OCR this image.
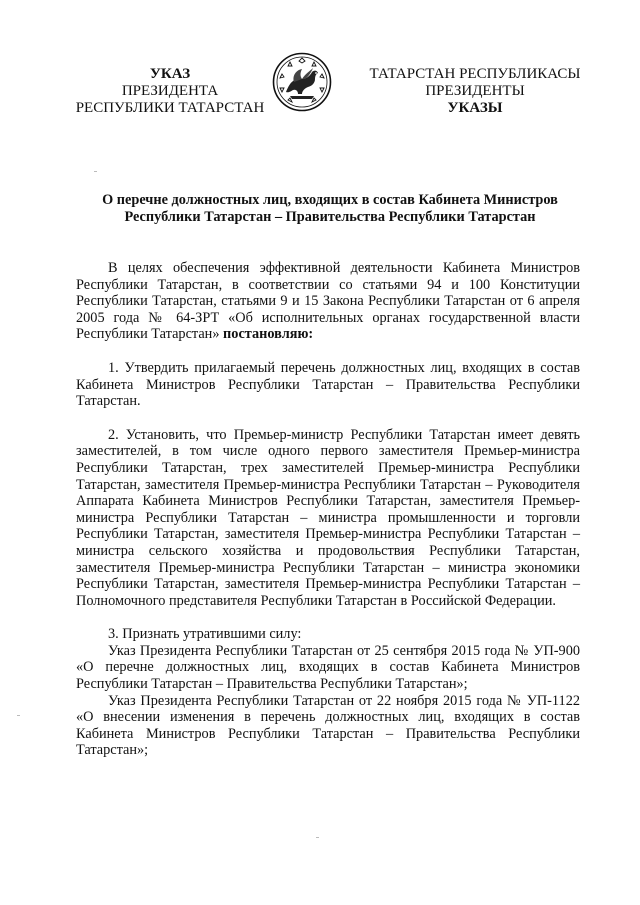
УКАЗ
ПРЕЗИДЕНТА
РЕСПУБЛИКИ ТАТАРСТАН
ТАТАРСТАН РЕСПУБЛИКАСЫ
ПРЕЗИДЕНТЫ
УКАЗЫ
О перечне должностных лиц, входящих в состав Кабинета Министров
Республики Татарстан – Правительства Республики Татарстан

В целях обеспечения эффективной деятельности Кабинета Министров Республики Татарстан, в соответствии со статьями 94 и 100 Конституции Республики Татарстан, статьями 9 и 15 Закона Республики Татарстан от 6 апреля 2005 года № 64-ЗРТ «Об исполнительных органах государственной власти Республики Татарстан» постановляю:

1. Утвердить прилагаемый перечень должностных лиц, входящих в состав Кабинета Министров Республики Татарстан – Правительства Республики Татарстан.

2. Установить, что Премьер-министр Республики Татарстан имеет девять заместителей, в том числе одного первого заместителя Премьер-министра Республики Татарстан, трех заместителей Премьер-министра Республики Татарстан, заместителя Премьер-министра Республики Татарстан – Руководителя Аппарата Кабинета Министров Республики Татарстан, заместителя Премьер-министра Республики Татарстан – министра промышленности и торговли Республики Татарстан, заместителя Премьер-министра Республики Татарстан – министра сельского хозяйства и продовольствия Республики Татарстан, заместителя Премьер-министра Республики Татарстан – министра экономики Республики Татарстан, заместителя Премьер-министра Республики Татарстан – Полномочного представителя Республики Татарстан в Российской Федерации.

3. Признать утратившими силу:

Указ Президента Республики Татарстан от 25 сентября 2015 года № УП-900 «О перечне должностных лиц, входящих в состав Кабинета Министров Республики Татарстан – Правительства Республики Татарстан»;

Указ Президента Республики Татарстан от 22 ноября 2015 года № УП-1122 «О внесении изменения в перечень должностных лиц, входящих в состав Кабинета Министров Республики Татарстан – Правительства Республики Татарстан»;
